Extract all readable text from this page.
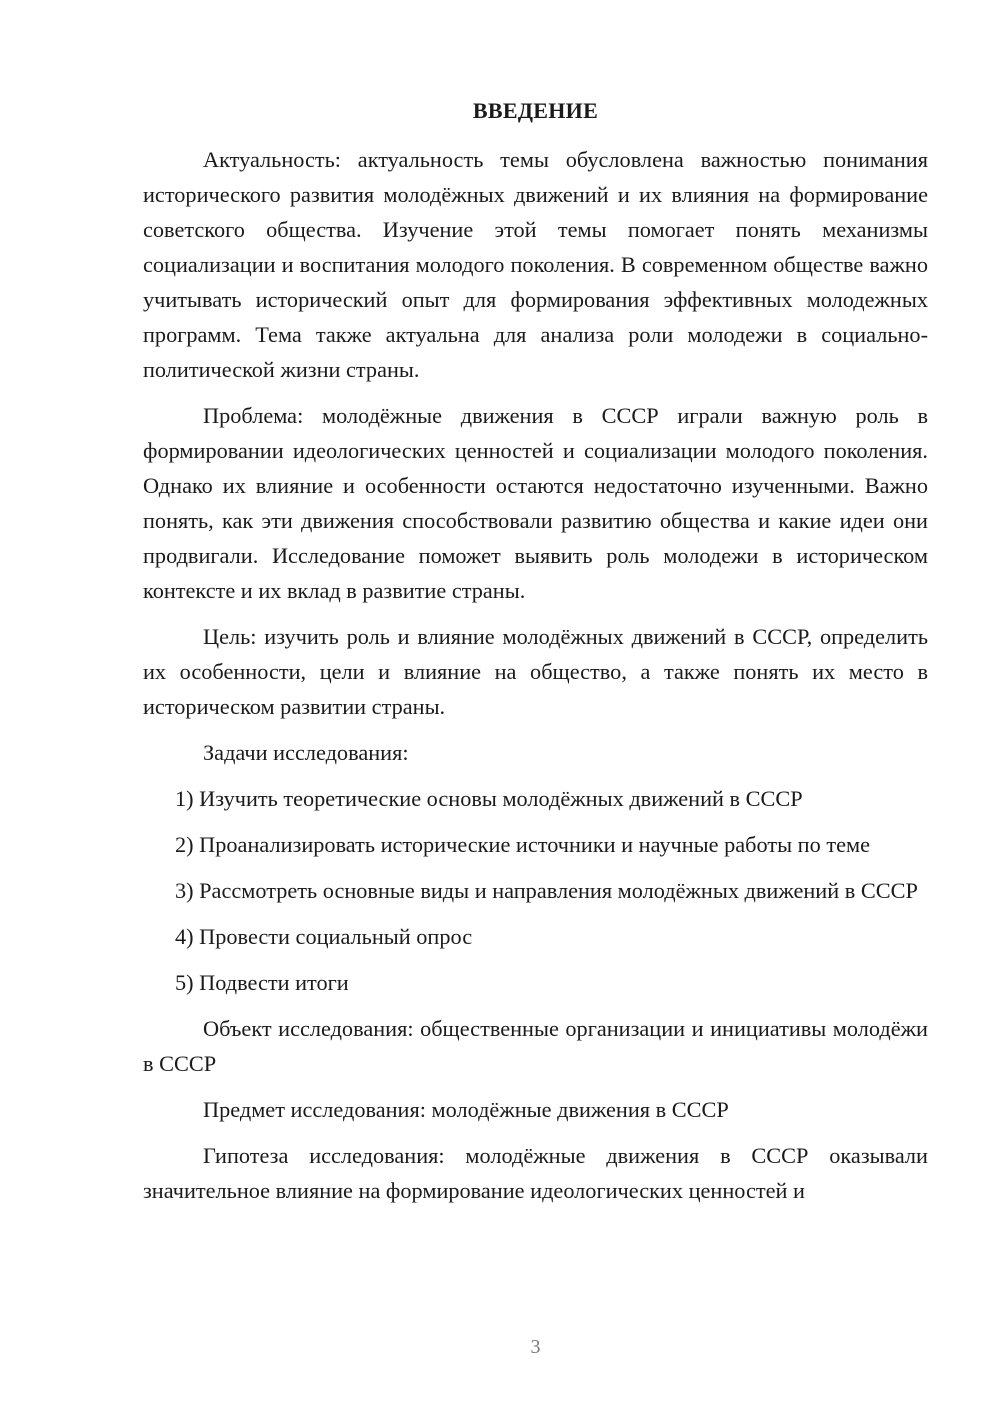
ВВЕДЕНИЕ

Актуальность: актуальность темы обусловлена важностью понимания исторического развития молодёжных движений и их влияния на формирование советского общества. Изучение этой темы помогает понять механизмы социализации и воспитания молодого поколения. В современном обществе важно учитывать исторический опыт для формирования эффективных молодежных программ. Тема также актуальна для анализа роли молодежи в социально-политической жизни страны.

Проблема: молодёжные движения в СССР играли важную роль в формировании идеологических ценностей и социализации молодого поколения. Однако их влияние и особенности остаются недостаточно изученными. Важно понять, как эти движения способствовали развитию общества и какие идеи они продвигали. Исследование поможет выявить роль молодежи в историческом контексте и их вклад в развитие страны.

Цель: изучить роль и влияние молодёжных движений в СССР, определить их особенности, цели и влияние на общество, а также понять их место в историческом развитии страны.

Задачи исследования:

1) Изучить теоретические основы молодёжных движений в СССР

2) Проанализировать исторические источники и научные работы по теме

3) Рассмотреть основные виды и направления молодёжных движений в СССР

4) Провести социальный опрос

5) Подвести итоги

Объект исследования: общественные организации и инициативы молодёжи в СССР

Предмет исследования: молодёжные движения в СССР

Гипотеза исследования: молодёжные движения в СССР оказывали значительное влияние на формирование идеологических ценностей и

3
